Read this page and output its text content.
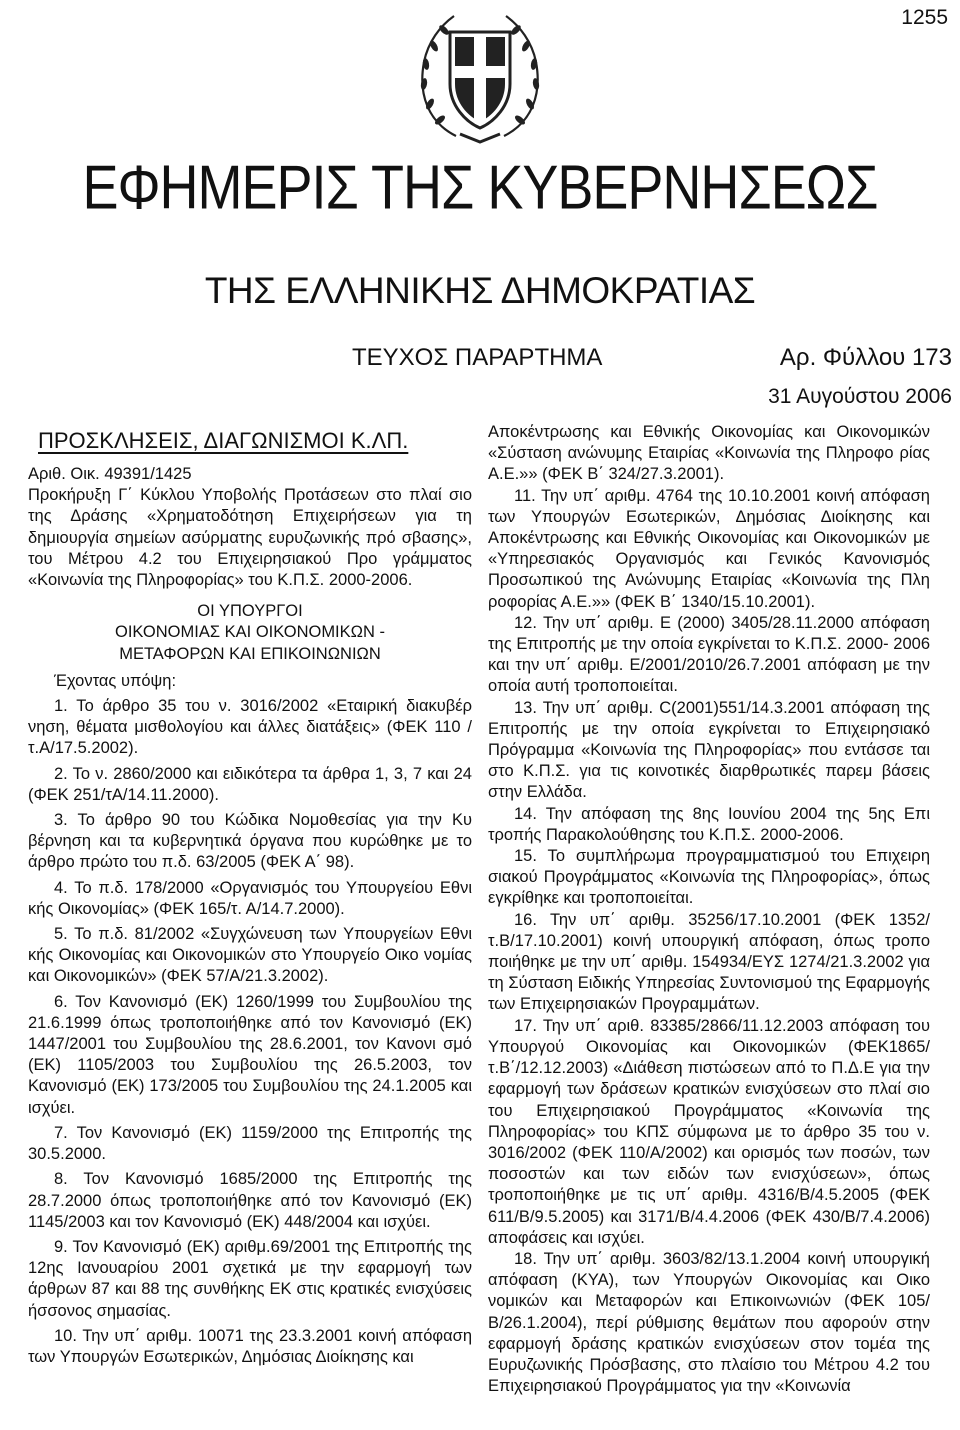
1255
ΕΦΗΜΕΡΙΣ ΤΗΣ ΚΥΒΕΡΝΗΣΕΩΣ
ΤΗΣ ΕΛΛΗΝΙΚΗΣ ΔΗΜΟΚΡΑΤΙΑΣ
ΤΕΥΧΟΣ ΠΑΡΑΡΤΗΜΑ	Αρ. Φύλλου 173
31 Αυγούστου 2006
ΠΡΟΣΚΛΗΣΕΙΣ, ΔΙΑΓΩΝΙΣΜΟΙ Κ.ΛΠ.

Αριθ. Οικ. 49391/1425

Προκήρυξη Γ΄ Κύκλου Υποβολής Προτάσεων στο πλαί σιο της Δράσης «Χρηματοδότηση Επιχειρήσεων για τη δημιουργία σημείων ασύρματης ευρυζωνικής πρό σβασης», του Μέτρου 4.2 του Επιχειρησιακού Προ γράμματος «Κοινωνία της Πληροφορίας» του Κ.Π.Σ. 2000-2006.

ΟΙ ΥΠΟΥΡΓΟΙ

ΟΙΚΟΝΟΜΙΑΣ ΚΑΙ ΟΙΚΟΝΟΜΙΚΩΝ -

ΜΕΤΑΦΟΡΩΝ ΚΑΙ ΕΠΙΚΟΙΝΩΝΙΩΝ

Έχοντας υπόψη:

1. Το άρθρο 35 του ν. 3016/2002 «Εταιρική διακυβέρ νηση, θέματα μισθολογίου και άλλες διατάξεις» (ΦΕΚ 110 /τ.Α/17.5.2002).

2. Το ν. 2860/2000 και ειδικότερα τα άρθρα 1, 3, 7 και 24 (ΦΕΚ 251/τΑ/14.11.2000).

3. Το άρθρο 90 του Κώδικα Νομοθεσίας για την Κυ βέρνηση και τα κυβερνητικά όργανα που κυρώθηκε με το άρθρο πρώτο του π.δ. 63/2005 (ΦΕΚ Α΄ 98).

4. Το π.δ. 178/2000 «Οργανισμός του Υπουργείου Εθνι κής Οικονομίας» (ΦΕΚ 165/τ. Α/14.7.2000).

5. Το π.δ. 81/2002 «Συγχώνευση των Υπουργείων Εθνι κής Οικονομίας και Οικονομικών στο Υπουργείο Οικο νομίας και Οικονομικών» (ΦΕΚ 57/Α/21.3.2002).

6. Τον Κανονισμό (ΕΚ) 1260/1999 του Συμβουλίου της 21.6.1999 όπως τροποποιήθηκε από τον Κανονισμό (ΕΚ) 1447/2001 του Συμβουλίου της 28.6.2001, τον Κανονι σμό (ΕΚ) 1105/2003 του Συμβουλίου της 26.5.2003, τον Κανονισμό (ΕΚ) 173/2005 του Συμβουλίου της 24.1.2005 και ισχύει.

7. Τον Κανονισμό (ΕΚ) 1159/2000 της Επιτροπής της 30.5.2000.

8. Τον Κανονισμό 1685/2000 της Επιτροπής της 28.7.2000 όπως τροποποιήθηκε από τον Κανονισμό (ΕΚ) 1145/2003 και τον Κανονισμό (ΕΚ) 448/2004 και ισχύει.

9. Τον Κανονισμό (ΕΚ) αριθμ.69/2001 της Επιτροπής της 12ης Ιανουαρίου 2001 σχετικά με την εφαρμογή των άρθρων 87 και 88 της συνθήκης ΕΚ στις κρατικές ενισχύσεις ήσσονος σημασίας.

10. Την υπ΄ αριθμ. 10071 της 23.3.2001 κοινή απόφαση των Υπουργών Εσωτερικών, Δημόσιας Διοίκησης και

Αποκέντρωσης και Εθνικής Οικονομίας και Οικονομικών «Σύσταση ανώνυμης Εταιρίας «Κοινωνία της Πληροφο ρίας Α.Ε.»» (ΦΕΚ Β΄ 324/27.3.2001).

11. Την υπ΄ αριθμ. 4764 της 10.10.2001 κοινή απόφαση των Υπουργών Εσωτερικών, Δημόσιας Διοίκησης και Αποκέντρωσης και Εθνικής Οικονομίας και Οικονομικών με «Υπηρεσιακός Οργανισμός και Γενικός Κανονισμός Προσωπικού της Ανώνυμης Εταιρίας «Κοινωνία της Πλη ροφορίας Α.Ε.»» (ΦΕΚ Β΄ 1340/15.10.2001).

12. Την υπ΄ αριθμ. Ε (2000) 3405/28.11.2000 απόφαση της Επιτροπής με την οποία εγκρίνεται το Κ.Π.Σ. 2000- 2006 και την υπ΄ αριθμ. Ε/2001/2010/26.7.2001 απόφαση με την οποία αυτή τροποποιείται.

13. Την υπ΄ αριθμ. C(2001)551/14.3.2001 απόφαση της Επιτροπής με την οποία εγκρίνεται το Επιχειρησιακό Πρόγραμμα «Κοινωνία της Πληροφορίας» που εντάσσε ται στο Κ.Π.Σ. για τις κοινοτικές διαρθρωτικές παρεμ βάσεις στην Ελλάδα.

14. Την απόφαση της 8ης Ιουνίου 2004 της 5ης Επι τροπής Παρακολούθησης του Κ.Π.Σ. 2000-2006.

15. Το συμπλήρωμα προγραμματισμού του Επιχειρη σιακού Προγράμματος «Κοινωνία της Πληροφορίας», όπως εγκρίθηκε και τροποποιείται.

16. Την υπ΄ αριθμ. 35256/17.10.2001 (ΦΕΚ 1352/ τ.Β/17.10.2001) κοινή υπουργική απόφαση, όπως τροπο ποιήθηκε με την υπ΄ αριθμ. 154934/ΕΥΣ 1274/21.3.2002 για τη Σύσταση Ειδικής Υπηρεσίας Συντονισμού της Εφαρμογής των Επιχειρησιακών Προγραμμάτων.

17. Την υπ΄ αριθ. 83385/2866/11.12.2003 απόφαση του Υπουργού Οικονομίας και Οικονομικών (ΦΕΚ1865/ τ.Β΄/12.12.2003) «Διάθεση πιστώσεων από το Π.Δ.Ε για την εφαρμογή των δράσεων κρατικών ενισχύσεων στο πλαί σιο του Επιχειρησιακού Προγράμματος «Κοινωνία της Πληροφορίας» του ΚΠΣ σύμφωνα με το άρθρο 35 του ν. 3016/2002 (ΦΕΚ 110/Α/2002) και ορισμός των ποσών, των ποσοστών και των ειδών των ενισχύσεων», όπως τροποποιήθηκε με τις υπ΄ αριθμ. 4316/Β/4.5.2005 (ΦΕΚ 611/Β/9.5.2005) και 3171/Β/4.4.2006 (ΦΕΚ 430/Β/7.4.2006) αποφάσεις και ισχύει.

18. Την υπ΄ αριθμ. 3603/82/13.1.2004 κοινή υπουργική απόφαση (ΚΥΑ), των Υπουργών Οικονομίας και Οικο νομικών και Μεταφορών και Επικοινωνιών (ΦΕΚ 105/ Β/26.1.2004), περί ρύθμισης θεμάτων που αφορούν στην εφαρμογή δράσης κρατικών ενισχύσεων στον τομέα της Ευρυζωνικής Πρόσβασης, στο πλαίσιο του Μέτρου 4.2 του Επιχειρησιακού Προγράμματος για την «Κοινωνία
